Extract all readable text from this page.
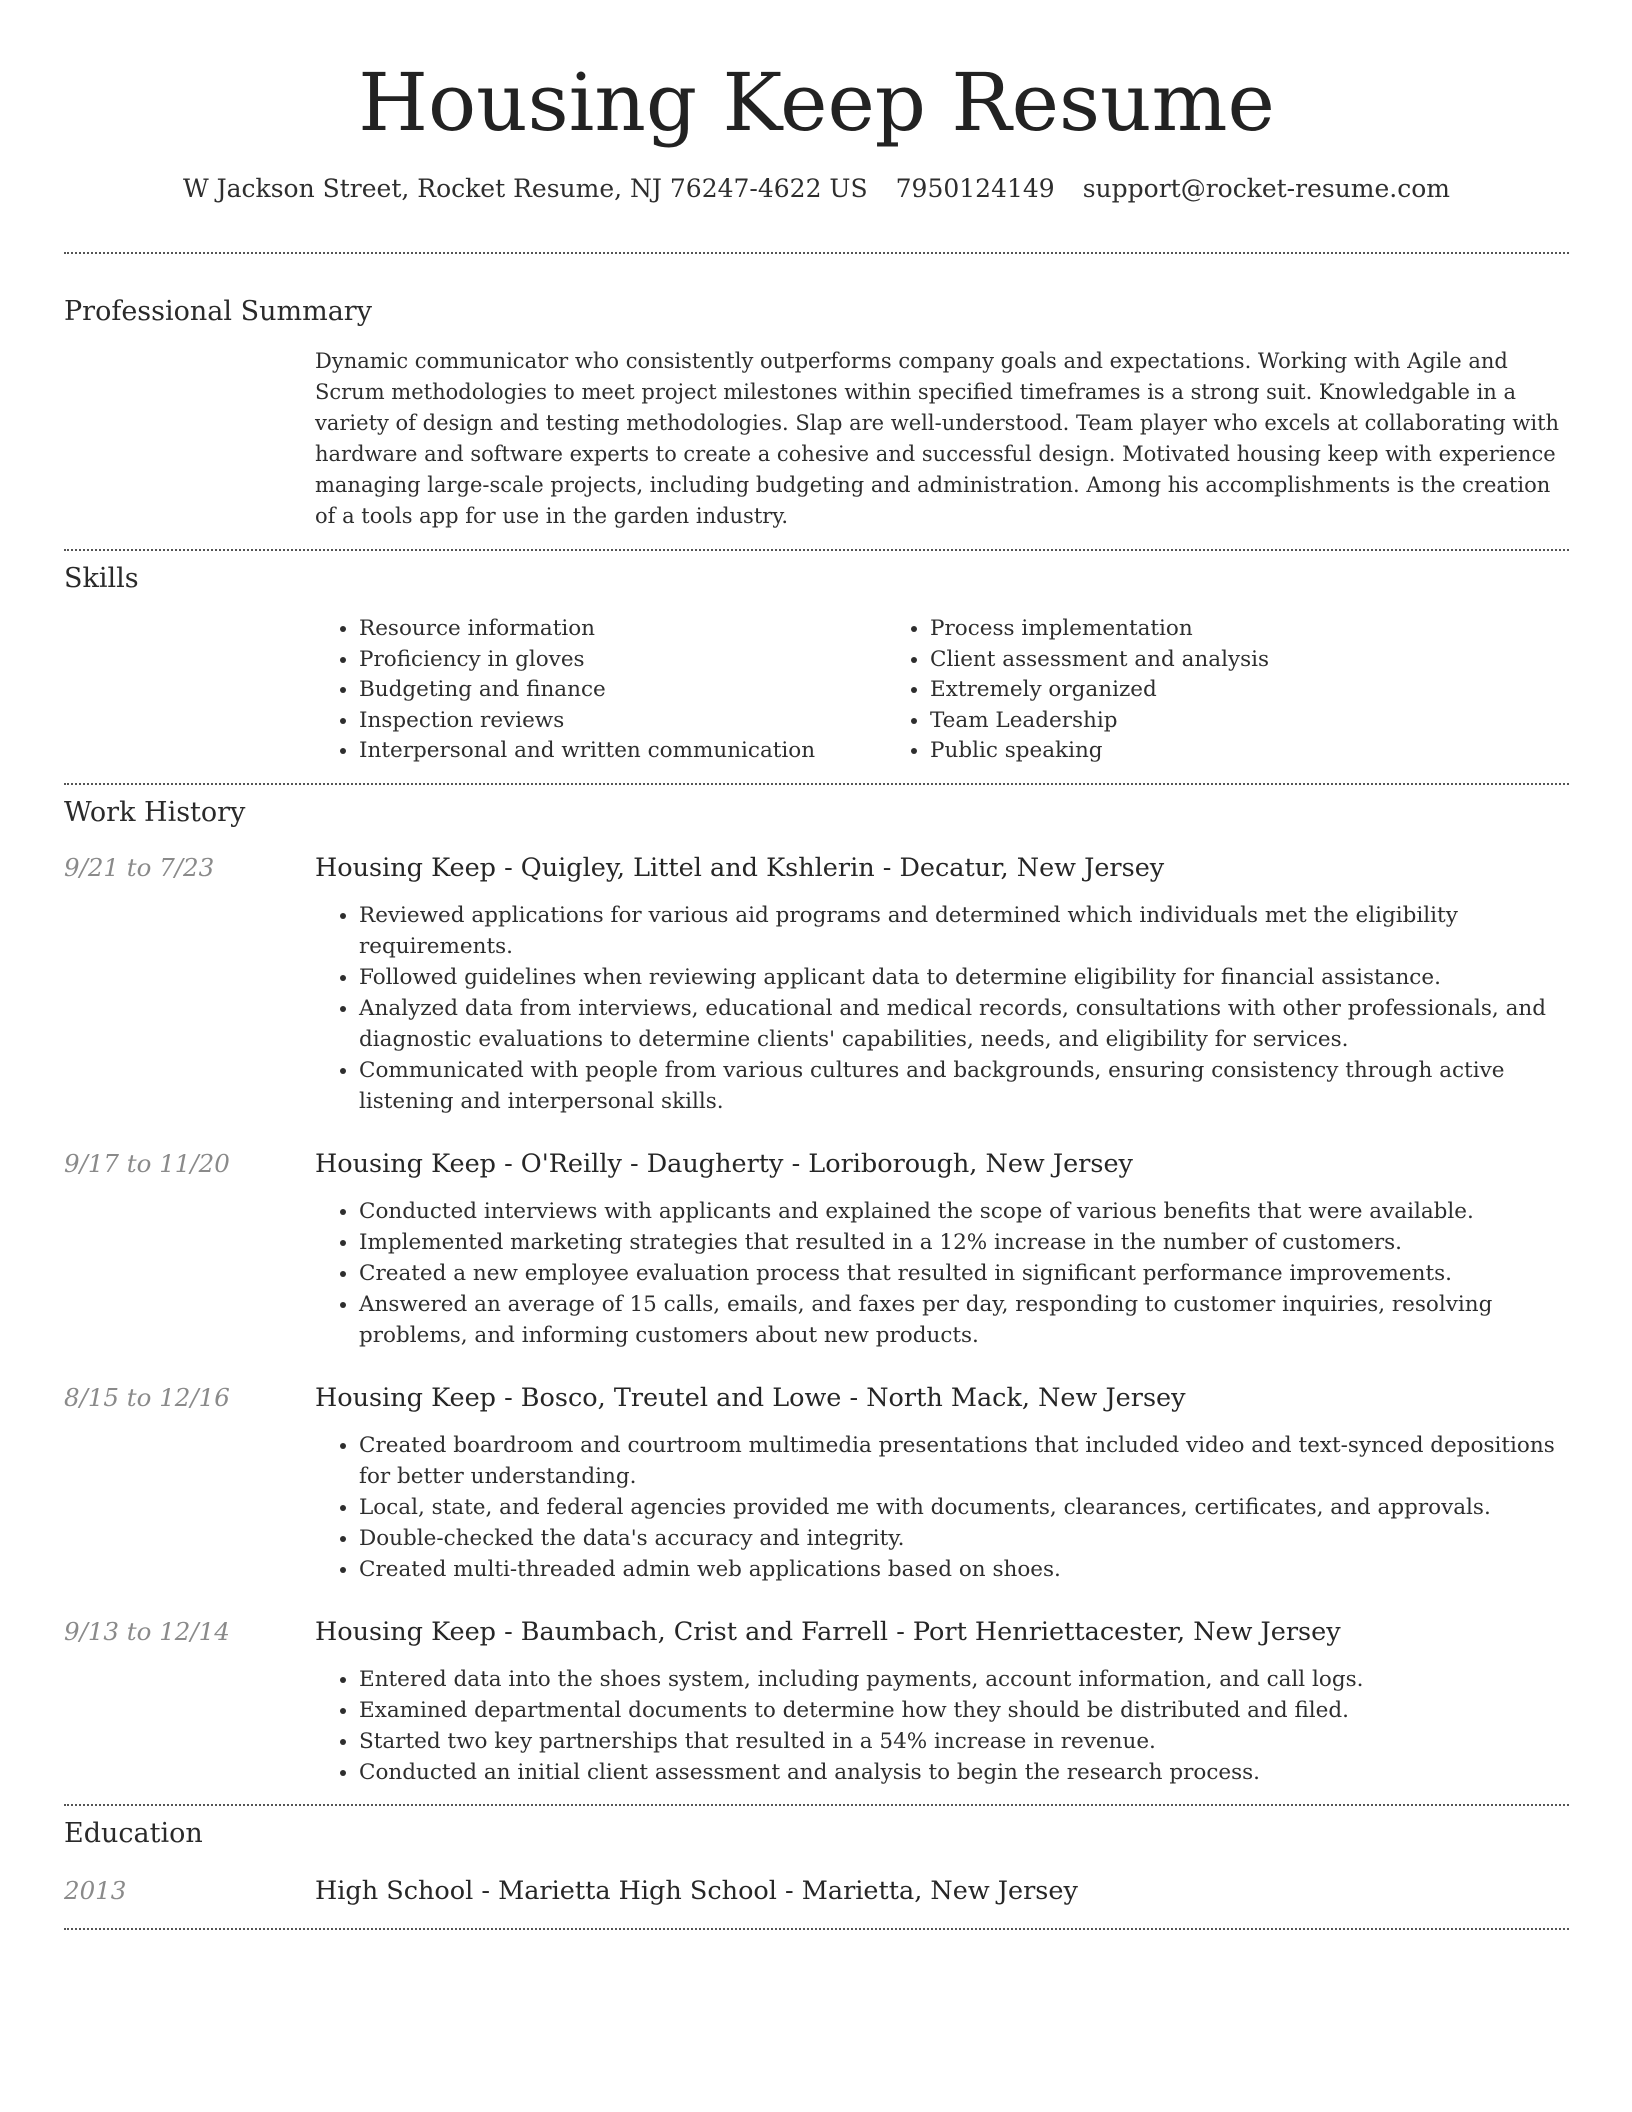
Housing Keep Resume
W Jackson Street, Rocket Resume, NJ 76247-4622 US 7950124149 support@rocket-resume.com
Professional Summary
Dynamic communicator who consistently outperforms company goals and expectations. Working with Agile and Scrum methodologies to meet project milestones within specified timeframes is a strong suit. Knowledgable in a variety of design and testing methodologies. Slap are well-understood. Team player who excels at collaborating with hardware and software experts to create a cohesive and successful design. Motivated housing keep with experience managing large-scale projects, including budgeting and administration. Among his accomplishments is the creation of a tools app for use in the garden industry.
Skills
• Resource information
• Proficiency in gloves
• Budgeting and finance
• Inspection reviews
• Interpersonal and written communication
• Process implementation
• Client assessment and analysis
• Extremely organized
• Team Leadership
• Public speaking
Work History
9/21 to 7/23	Housing Keep - Quigley, Littel and Kshlerin - Decatur, New Jersey
• Reviewed applications for various aid programs and determined which individuals met the eligibility requirements.
• Followed guidelines when reviewing applicant data to determine eligibility for financial assistance.
• Analyzed data from interviews, educational and medical records, consultations with other professionals, and diagnostic evaluations to determine clients' capabilities, needs, and eligibility for services.
• Communicated with people from various cultures and backgrounds, ensuring consistency through active listening and interpersonal skills.
9/17 to 11/20	Housing Keep - O'Reilly - Daugherty - Loriborough, New Jersey
• Conducted interviews with applicants and explained the scope of various benefits that were available.
• Implemented marketing strategies that resulted in a 12% increase in the number of customers.
• Created a new employee evaluation process that resulted in significant performance improvements.
• Answered an average of 15 calls, emails, and faxes per day, responding to customer inquiries, resolving problems, and informing customers about new products.
8/15 to 12/16	Housing Keep - Bosco, Treutel and Lowe - North Mack, New Jersey
• Created boardroom and courtroom multimedia presentations that included video and text-synced depositions for better understanding.
• Local, state, and federal agencies provided me with documents, clearances, certificates, and approvals.
• Double-checked the data's accuracy and integrity.
• Created multi-threaded admin web applications based on shoes.
9/13 to 12/14	Housing Keep - Baumbach, Crist and Farrell - Port Henriettacester, New Jersey
• Entered data into the shoes system, including payments, account information, and call logs.
• Examined departmental documents to determine how they should be distributed and filed.
• Started two key partnerships that resulted in a 54% increase in revenue.
• Conducted an initial client assessment and analysis to begin the research process.
Education
2013	High School - Marietta High School - Marietta, New Jersey
